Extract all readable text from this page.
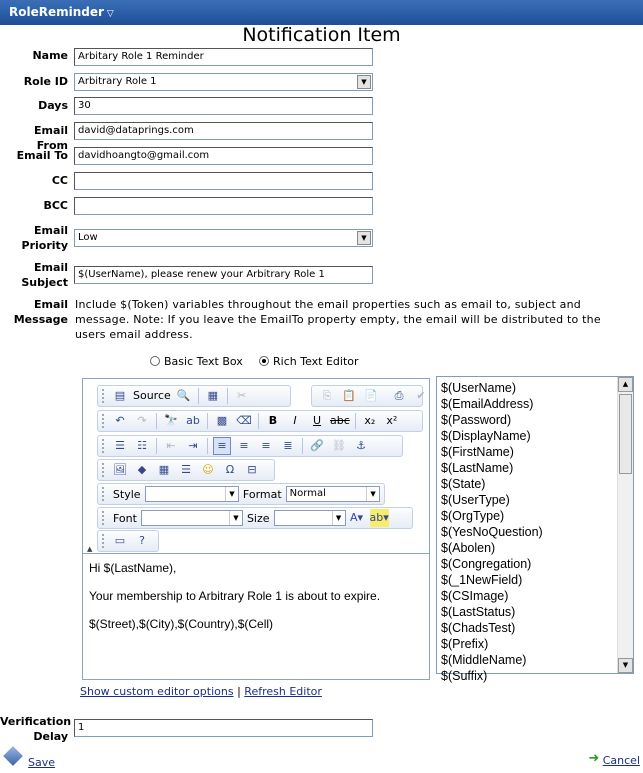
RoleReminder ▽
Notification Item
Name	Arbitary Role 1 Reminder
Role ID	Arbitrary Role 1	▼
Days	30
Email From
david@dataprings.com
Email To	davidhoangto@gmail.com
CC
BCC
Email
Priority
Low	▼
Email
Subject
$(UserName), please renew your Arbitrary Role 1
Email
Message
Include $(Token) variables throughout the email properties such as email to, subject and message. Note: If you leave the EmailTo property empty, the email will be distributed to the users email address.
Basic Text Box	Rich Text Editor
▤ Source 🔍	▦	✂	⎘ 📋 📄	⎙	✔
↶	↷	🔭 ab	▩ ⌫	B	I	U abc	x₂	x²
☰	☷	⇤	⇥	≡	≡	≡	≣	🔗 ⛓ ⚓
🖼 ◆	▦	☰	☺	Ω	⊟
Style	▼ Format Normal	▼
Font	▼ Size	▼ A▾ ab▾
▭	?
▲

Hi $(LastName),

Your membership to Arbitrary Role 1 is about to expire.

$(Street),$(City),$(Country),$(Cell)

$(UserName)
$(EmailAddress)
$(Password)
$(DisplayName)
$(FirstName)
$(LastName)
$(State)
$(UserType)
$(OrgType)
$(YesNoQuestion)
$(Abolen)
$(Congregation)
$(_1NewField)
$(CSImage)
$(LastStatus)
$(ChadsTest)
$(Prefix)
$(MiddleName)
$(Suffix)
▲
▼
Show custom editor options | Refresh Editor
Verification
Delay
1
Save	➜ Cancel
